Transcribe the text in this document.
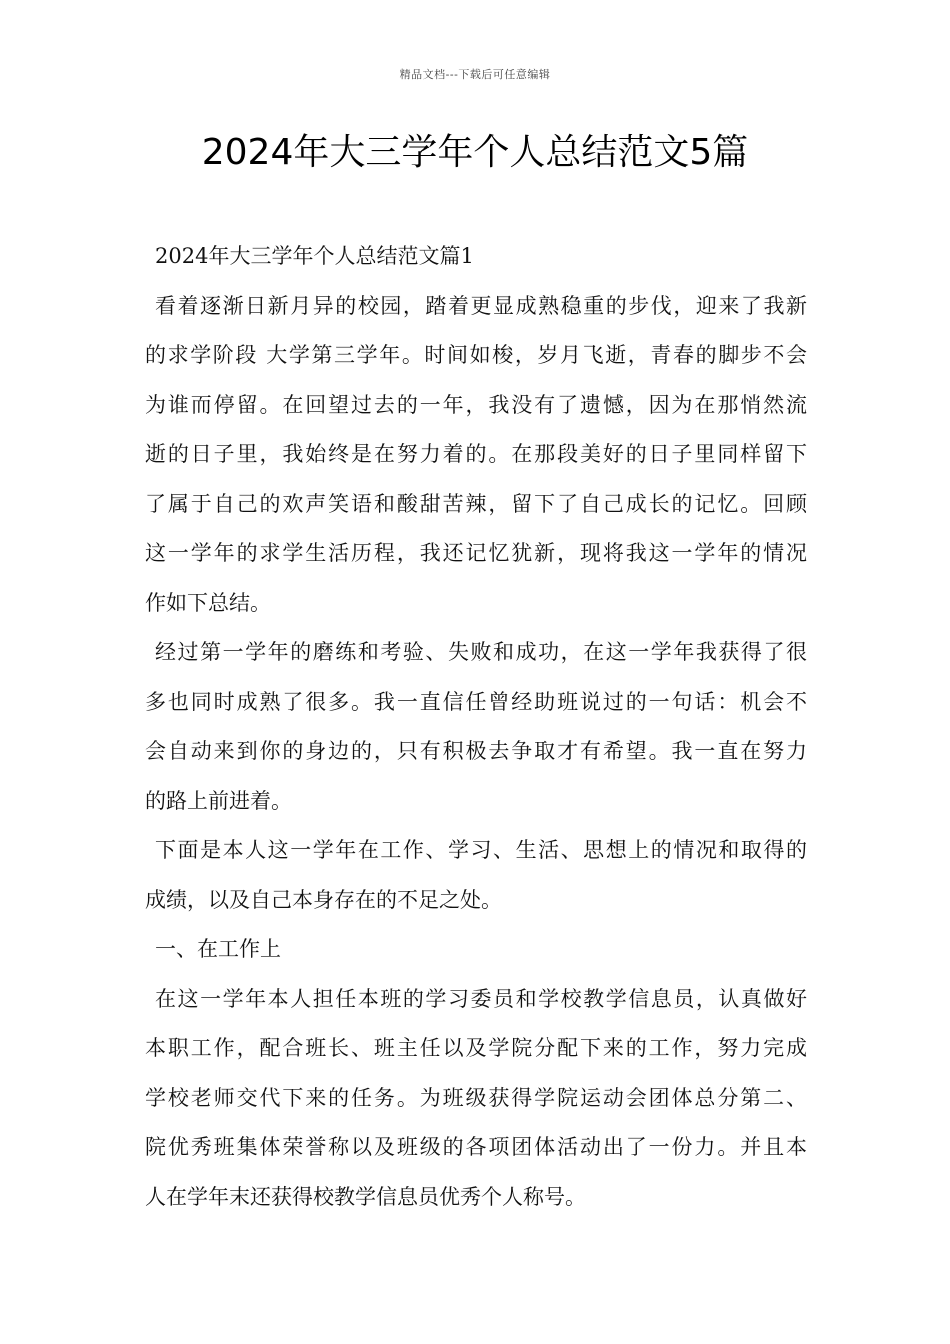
精品文档---下载后可任意编辑
2024年大三学年个人总结范文5篇
2024年大三学年个人总结范文篇1
看着逐渐日新月异的校园，踏着更显成熟稳重的步伐，迎来了我新
的求学阶段 大学第三学年。时间如梭，岁月飞逝，青春的脚步不会
为谁而停留。在回望过去的一年，我没有了遗憾，因为在那悄然流
逝的日子里，我始终是在努力着的。在那段美好的日子里同样留下
了属于自己的欢声笑语和酸甜苦辣，留下了自己成长的记忆。回顾
这一学年的求学生活历程，我还记忆犹新，现将我这一学年的情况
作如下总结。
经过第一学年的磨练和考验、失败和成功，在这一学年我获得了很
多也同时成熟了很多。我一直信任曾经助班说过的一句话：机会不
会自动来到你的身边的，只有积极去争取才有希望。我一直在努力
的路上前进着。
下面是本人这一学年在工作、学习、生活、思想上的情况和取得的
成绩，以及自己本身存在的不足之处。
一、在工作上
在这一学年本人担任本班的学习委员和学校教学信息员，认真做好
本职工作，配合班长、班主任以及学院分配下来的工作，努力完成
学校老师交代下来的任务。为班级获得学院运动会团体总分第二、
院优秀班集体荣誉称以及班级的各项团体活动出了一份力。并且本
人在学年末还获得校教学信息员优秀个人称号。
